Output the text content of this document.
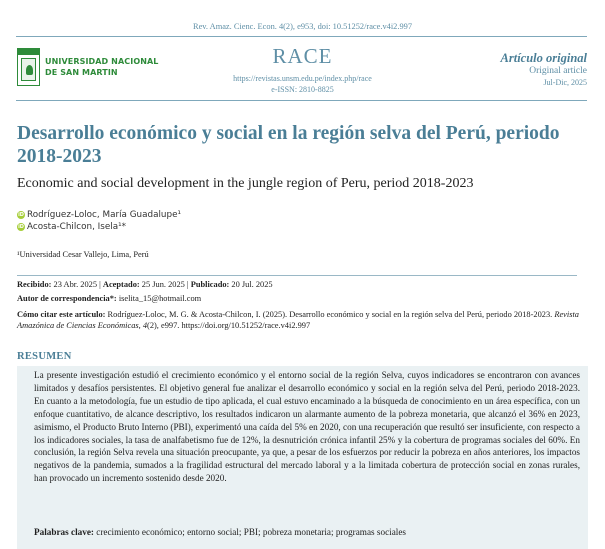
Rev. Amaz. Cienc. Econ. 4(2), e953, doi: 10.51252/race.v4i2.997
UNIVERSIDAD NACIONAL
DE SAN MARTIN
RACE
https://revistas.unsm.edu.pe/index.php/race
e-ISSN: 2810-8825
Artículo original
Original article
Jul-Dic, 2025
Desarrollo económico y social en la región selva del Perú, periodo 2018-2023
Economic and social development in the jungle region of Peru, period 2018-2023
iD Rodríguez-Loloc, María Guadalupe ¹
iD Acosta-Chilcon, Isela ¹*
¹Universidad Cesar Vallejo, Lima, Perú
Recibido: 23 Abr. 2025 | Aceptado: 25 Jun. 2025 | Publicado: 20 Jul. 2025
Autor de correspondencia*: iselita_15@hotmail.com
Cómo citar este artículo: Rodríguez-Loloc, M. G. & Acosta-Chilcon, I. (2025). Desarrollo económico y social en la región selva del Perú, periodo 2018-2023. Revista Amazónica de Ciencias Económicas, 4(2), e997. https://doi.org/10.51252/race.v4i2.997
RESUMEN
La presente investigación estudió el crecimiento económico y el entorno social de la región Selva, cuyos indicadores se encontraron con avances limitados y desafíos persistentes. El objetivo general fue analizar el desarrollo económico y social en la región selva del Perú, periodo 2018-2023. En cuanto a la metodología, fue un estudio de tipo aplicada, el cual estuvo encaminado a la búsqueda de conocimiento en un área específica, con un enfoque cuantitativo, de alcance descriptivo, los resultados indicaron un alarmante aumento de la pobreza monetaria, que alcanzó el 36% en 2023, asimismo, el Producto Bruto Interno (PBI), experimentó una caída del 5% en 2020, con una recuperación que resultó ser insuficiente, con respecto a los indicadores sociales, la tasa de analfabetismo fue de 12%, la desnutrición crónica infantil 25% y la cobertura de programas sociales del 60%. En conclusión, la región Selva revela una situación preocupante, ya que, a pesar de los esfuerzos por reducir la pobreza en años anteriores, los impactos negativos de la pandemia, sumados a la fragilidad estructural del mercado laboral y a la limitada cobertura de protección social en zonas rurales, han provocado un incremento sostenido desde 2020.
Palabras clave: crecimiento económico; entorno social; PBI; pobreza monetaria; programas sociales
